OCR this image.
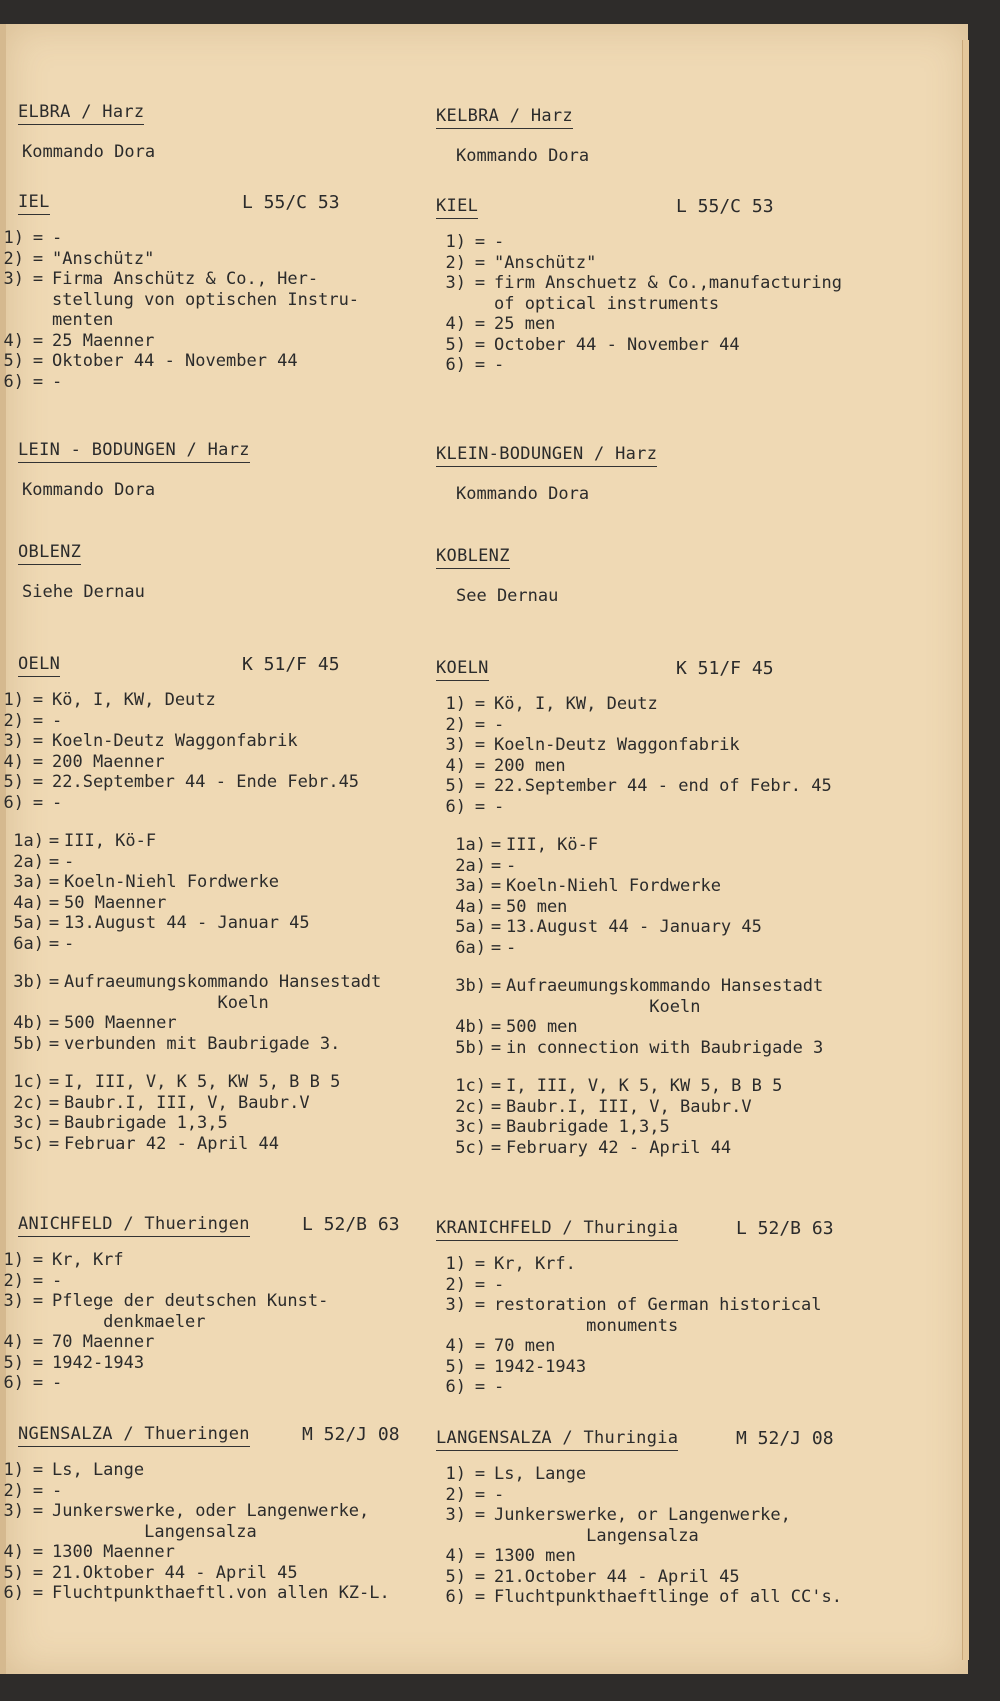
ELBRA / Harz
Kommando Dora
IEL	L 55/C 53
1) = -
2) = "Anschütz"
3) = Firma Anschütz & Co., Her-
stellung von optischen Instru-
menten
4) = 25 Maenner
5) = Oktober 44 - November 44
6) = -
LEIN - BODUNGEN / Harz
Kommando Dora
OBLENZ
Siehe Dernau
OELN	K 51/F 45
1) = Kö, I, KW, Deutz
2) = -
3) = Koeln-Deutz Waggonfabrik
4) = 200 Maenner
5) = 22.September 44 - Ende Febr.45
6) = -
1a) = III, Kö-F
2a) = -
3a) = Koeln-Niehl Fordwerke
4a) = 50 Maenner
5a) = 13.August 44 - Januar 45
6a) = -
3b) = Aufraeumungskommando Hansestadt
Koeln
4b) = 500 Maenner
5b) = verbunden mit Baubrigade 3.
1c) = I, III, V, K 5, KW 5, B B 5
2c) = Baubr.I, III, V, Baubr.V
3c) = Baubrigade 1,3,5
5c) = Februar 42 - April 44
ANICHFELD / Thueringen	L 52/B 63
1) = Kr, Krf
2) = -
3) = Pflege der deutschen Kunst-
denkmaeler
4) = 70 Maenner
5) = 1942-1943
6) = -
NGENSALZA / Thueringen	M 52/J 08
1) = Ls, Lange
2) = -
3) = Junkerswerke, oder Langenwerke,
Langensalza
4) = 1300 Maenner
5) = 21.Oktober 44 - April 45
6) = Fluchtpunkthaeftl.von allen KZ-L.
KELBRA / Harz
Kommando Dora
KIEL	L 55/C 53
1) = -
2) = "Anschütz"
3) = firm Anschuetz & Co.,manufacturing
of optical instruments
4) = 25 men
5) = October 44 - November 44
6) = -
KLEIN-BODUNGEN / Harz
Kommando Dora
KOBLENZ
See Dernau
KOELN	K 51/F 45
1) = Kö, I, KW, Deutz
2) = -
3) = Koeln-Deutz Waggonfabrik
4) = 200 men
5) = 22.September 44 - end of Febr. 45
6) = -
1a) = III, Kö-F
2a) = -
3a) = Koeln-Niehl Fordwerke
4a) = 50 men
5a) = 13.August 44 - January 45
6a) = -
3b) = Aufraeumungskommando Hansestadt
Koeln
4b) = 500 men
5b) = in connection with Baubrigade 3
1c) = I, III, V, K 5, KW 5, B B 5
2c) = Baubr.I, III, V, Baubr.V
3c) = Baubrigade 1,3,5
5c) = February 42 - April 44
KRANICHFELD / Thuringia	L 52/B 63
1) = Kr, Krf.
2) = -
3) = restoration of German historical
monuments
4) = 70 men
5) = 1942-1943
6) = -
LANGENSALZA / Thuringia	M 52/J 08
1) = Ls, Lange
2) = -
3) = Junkerswerke, or Langenwerke,
Langensalza
4) = 1300 men
5) = 21.October 44 - April 45
6) = Fluchtpunkthaeftlinge of all CC's.
